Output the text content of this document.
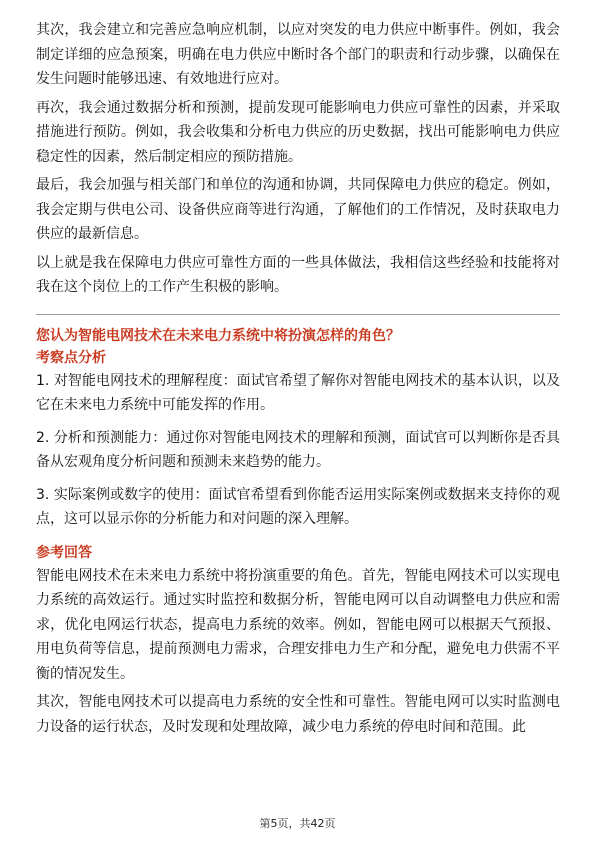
其次，我会建立和完善应急响应机制，以应对突发的电力供应中断事件。例如，我会制定详细的应急预案，明确在电力供应中断时各个部门的职责和行动步骤，以确保在发生问题时能够迅速、有效地进行应对。

再次，我会通过数据分析和预测，提前发现可能影响电力供应可靠性的因素，并采取措施进行预防。例如，我会收集和分析电力供应的历史数据，找出可能影响电力供应稳定性的因素，然后制定相应的预防措施。

最后，我会加强与相关部门和单位的沟通和协调，共同保障电力供应的稳定。例如，我会定期与供电公司、设备供应商等进行沟通，了解他们的工作情况，及时获取电力供应的最新信息。

以上就是我在保障电力供应可靠性方面的一些具体做法，我相信这些经验和技能将对我在这个岗位上的工作产生积极的影响。

您认为智能电网技术在未来电力系统中将扮演怎样的角色？

考察点分析

1. 对智能电网技术的理解程度：面试官希望了解你对智能电网技术的基本认识，以及它在未来电力系统中可能发挥的作用。

2. 分析和预测能力：通过你对智能电网技术的理解和预测，面试官可以判断你是否具备从宏观角度分析问题和预测未来趋势的能力。

3. 实际案例或数字的使用：面试官希望看到你能否运用实际案例或数据来支持你的观点，这可以显示你的分析能力和对问题的深入理解。

参考回答

智能电网技术在未来电力系统中将扮演重要的角色。首先，智能电网技术可以实现电力系统的高效运行。通过实时监控和数据分析，智能电网可以自动调整电力供应和需求，优化电网运行状态，提高电力系统的效率。例如，智能电网可以根据天气预报、用电负荷等信息，提前预测电力需求，合理安排电力生产和分配，避免电力供需不平衡的情况发生。

其次，智能电网技术可以提高电力系统的安全性和可靠性。智能电网可以实时监测电力设备的运行状态，及时发现和处理故障，减少电力系统的停电时间和范围。此

第5页，共42页
